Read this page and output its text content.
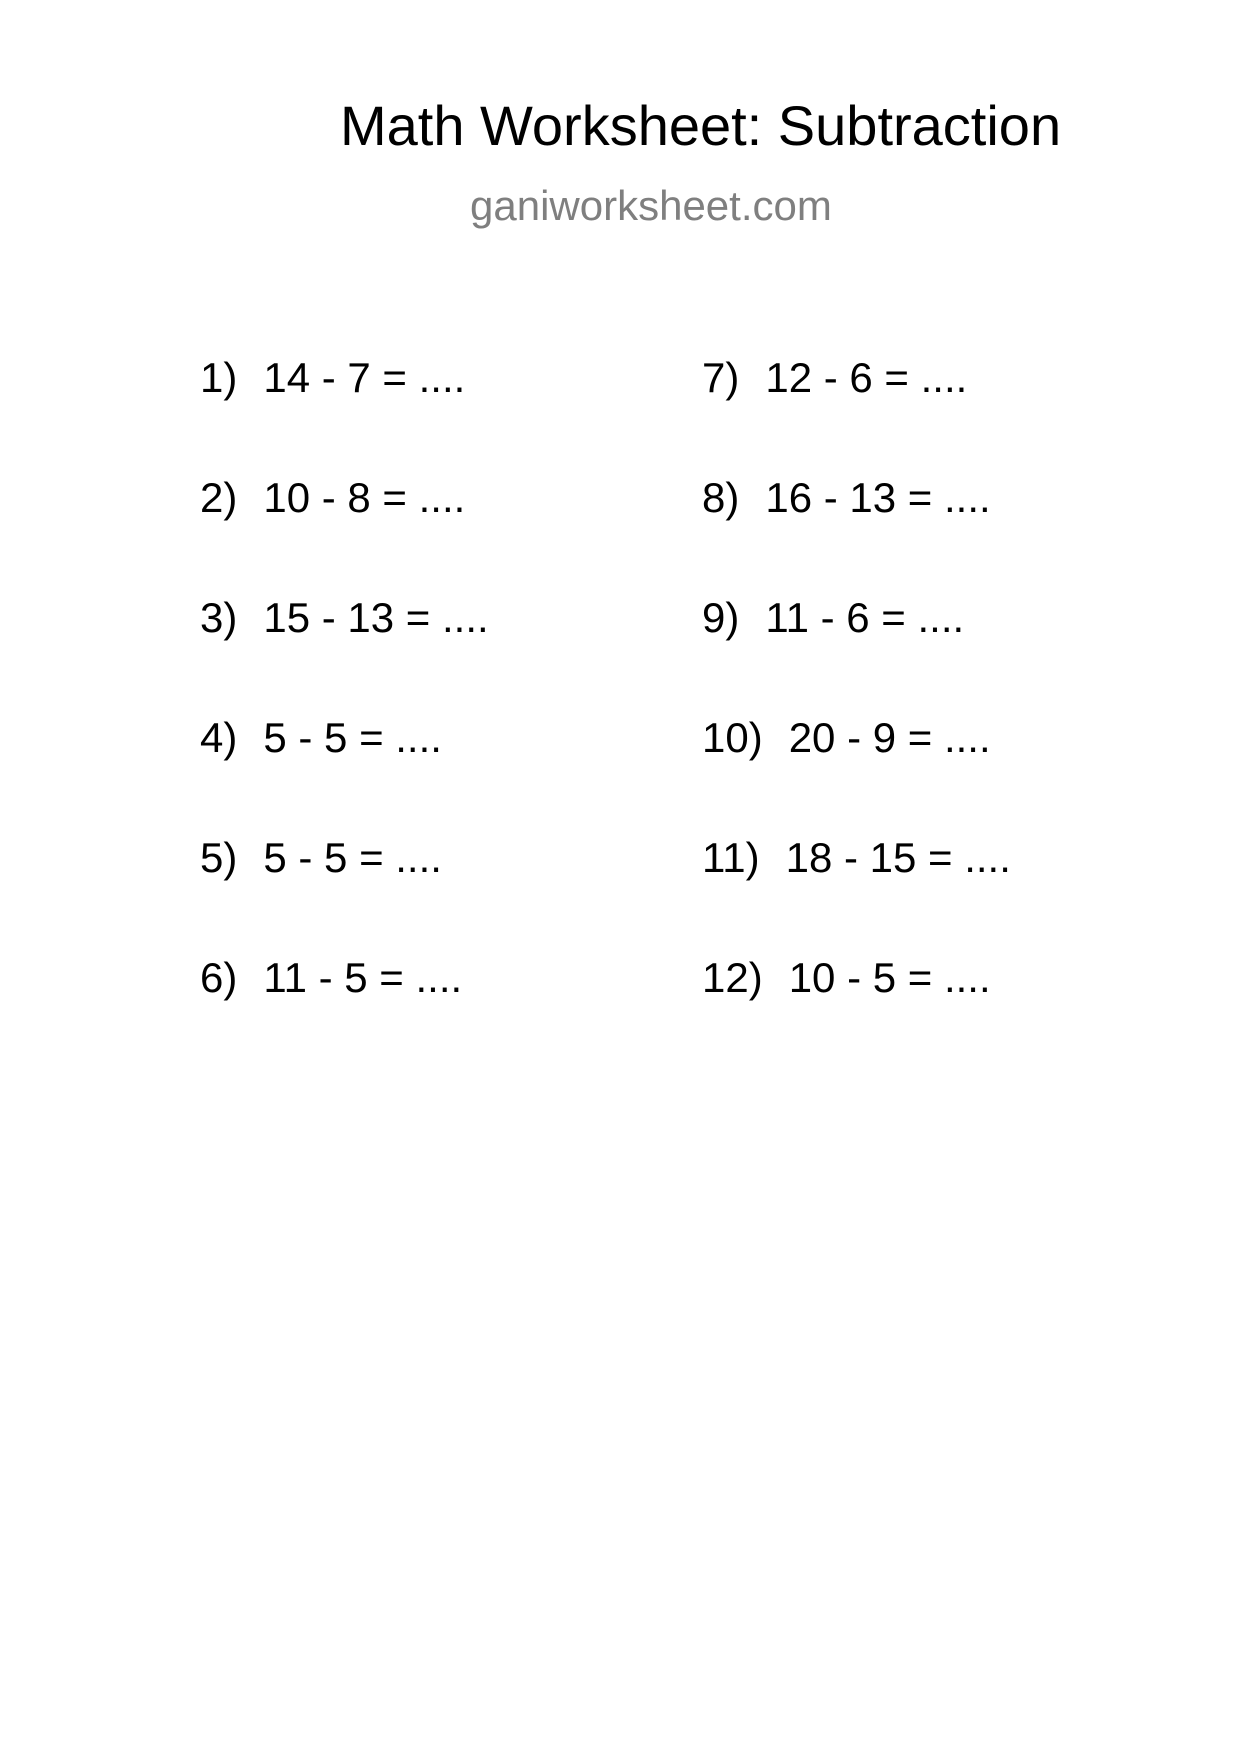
Math Worksheet: Subtraction
ganiworksheet.com
1) 14 - 7 = ....
2) 10 - 8 = ....
3) 15 - 13 = ....
4) 5 - 5 = ....
5) 5 - 5 = ....
6) 11 - 5 = ....
7) 12 - 6 = ....
8) 16 - 13 = ....
9) 11 - 6 = ....
10) 20 - 9 = ....
11) 18 - 15 = ....
12) 10 - 5 = ....
